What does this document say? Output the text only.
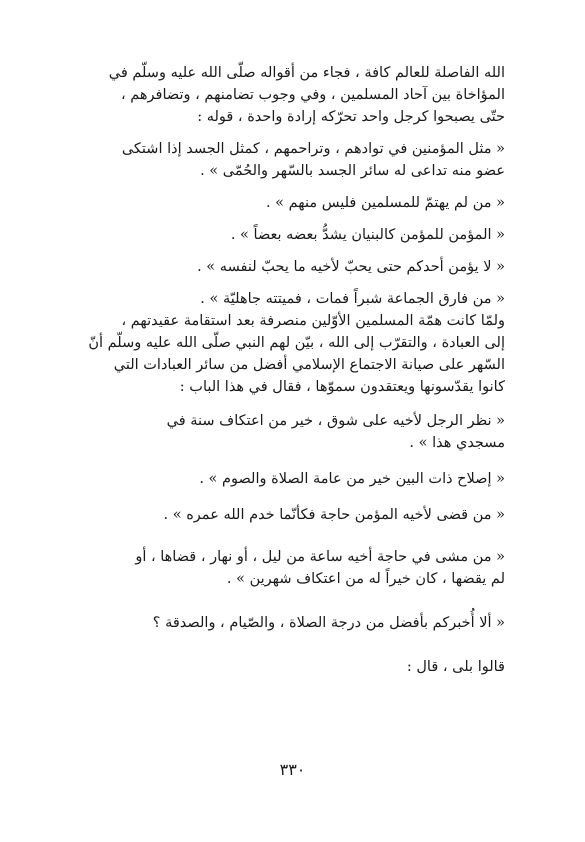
الله الفاصلة للعالم كافة ، فجاء من أقواله صلّى الله عليه وسلّم في
المؤاخاة بين آحاد المسلمين ، وفي وجوب تضامنهم ، وتضافرهم ،
حتّى يصبحوا كرجل واحد تحرّكه إرادة واحدة ، قوله :

« مثل المؤمنين في توادهم ، وتراحمهم ، كمثل الجسد إذا اشتكى
عضو منه تداعى له سائر الجسد بالسّهر والحُمّى » .

« من لم يهتمّ للمسلمين فليس منهم » .

« المؤمن للمؤمن كالبنيان يشدُّ بعضه بعضاً » .

« لا يؤمن أحدكم حتى يحبّ لأخيه ما يحبّ لنفسه » .

« من فارق الجماعة شبراً فمات ، فميتته جاهليّة » .

ولمّا كانت همّة المسلمين الأوّلين منصرفة بعد استقامة عقيدتهم ،
إلى العبادة ، والتقرّب إلى الله ، بيّن لهم النبي صلّى الله عليه وسلّم أنّ
السّهر على صيانة الاجتماع الإسلامي أفضل من سائر العبادات التي
كانوا يقدّسونها ويعتقدون سموّها ، فقال في هذا الباب :

« نظر الرجل لأخيه على شوق ، خير من اعتكاف سنة في
مسجدي هذا » .

« إصلاح ذات البين خير من عامة الصلاة والصوم » .

« من قضى لأخيه المؤمن حاجة فكأنّما خدم الله عمره » .

« من مشى في حاجة أخيه ساعة من ليل ، أو نهار ، قضاها ، أو
لم يقضها ، كان خيراً له من اعتكاف شهرين » .

« ألا أُخبركم بأفضل من درجة الصلاة ، والصّيام ، والصدقة ؟

قالوا بلى ، قال :

٣٣٠
